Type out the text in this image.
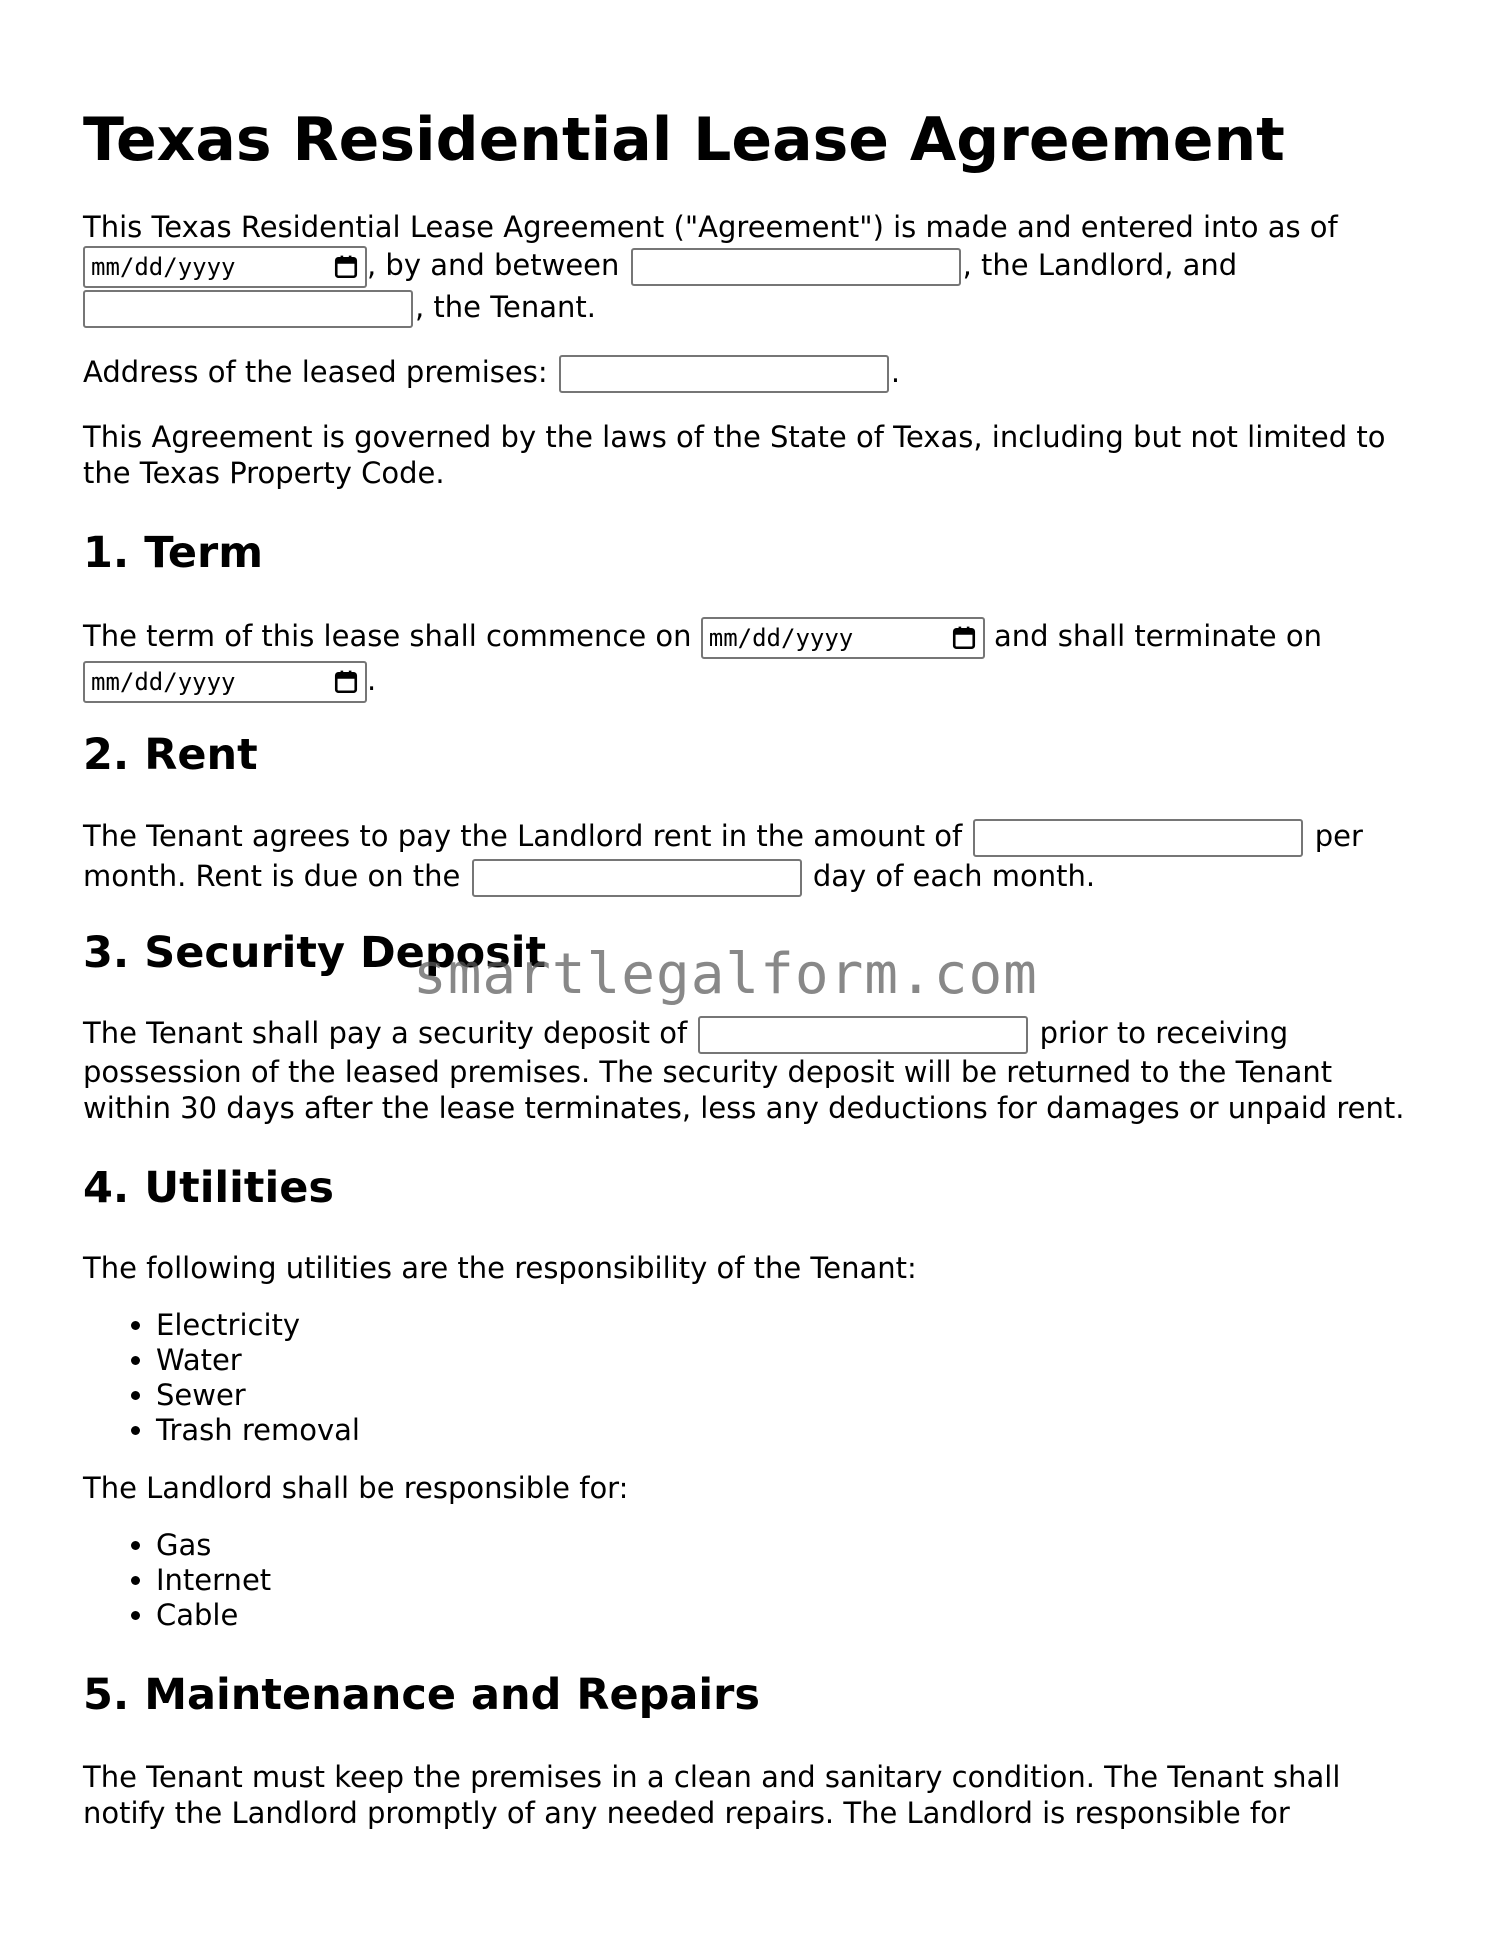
Texas Residential Lease Agreement

This Texas Residential Lease Agreement ("Agreement") is made and entered into as of

mm/dd/yyyy	, by and between	, the Landlord, and
, the Tenant.

Address of the leased premises:	.

This Agreement is governed by the laws of the State of Texas, including but not limited to the Texas Property Code.

1. Term

The term of this lease shall commence on mm/dd/yyyy	and shall terminate on

mm/dd/yyyy	.

2. Rent

The Tenant agrees to pay the Landlord rent in the amount of	per month. Rent is due on the	day of each month.

3. Security Deposit

The Tenant shall pay a security deposit of	prior to receiving possession of the leased premises. The security deposit will be returned to the Tenant within 30 days after the lease terminates, less any deductions for damages or unpaid rent.

4. Utilities

The following utilities are the responsibility of the Tenant:

• Electricity
• Water
• Sewer
• Trash removal

The Landlord shall be responsible for:

• Gas
• Internet
• Cable
5. Maintenance and Repairs

The Tenant must keep the premises in a clean and sanitary condition. The Tenant shall notify the Landlord promptly of any needed repairs. The Landlord is responsible for

smartlegalform.com
